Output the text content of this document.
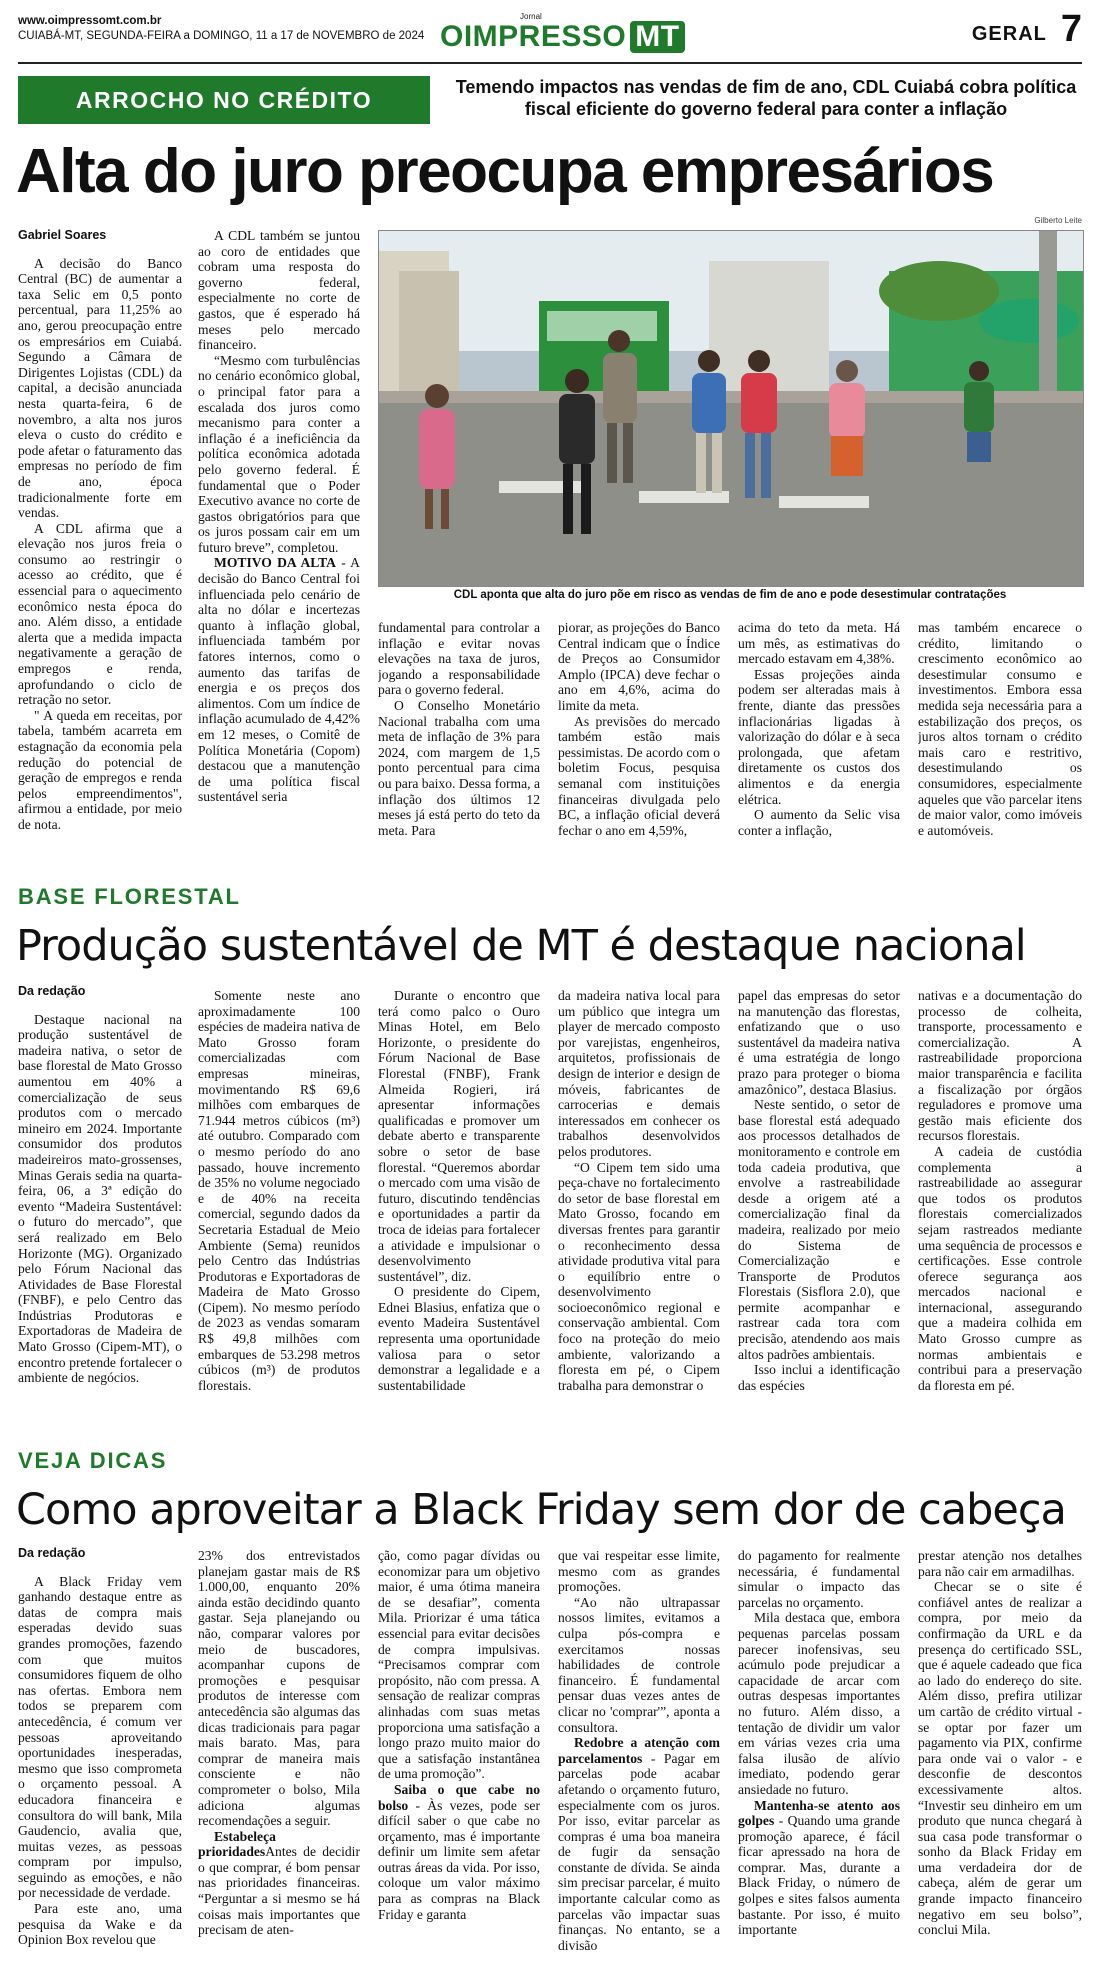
www.oimpressomt.com.br
CUIABÁ-MT, SEGUNDA-FEIRA a DOMINGO, 11 a 17 de NOVEMBRO de 2024
Jornal
OIMPRESSO MT	GERAL 7
ARROCHO NO CRÉDITO	Temendo impactos nas vendas de fim de ano, CDL Cuiabá cobra política fiscal eficiente do governo federal para conter a inflação
Alta do juro preocupa empresários
Gabriel Soares

A decisão do Banco Central (BC) de aumentar a taxa Selic em 0,5 ponto percentual, para 11,25% ao ano, gerou preocupação entre os empresários em Cuiabá. Segundo a Câmara de Dirigentes Lojistas (CDL) da capital, a decisão anunciada nesta quarta-feira, 6 de novembro, a alta nos juros eleva o custo do crédito e pode afetar o faturamento das empresas no período de fim de ano, época tradicionalmente forte em vendas.

A CDL afirma que a elevação nos juros freia o consumo ao restringir o acesso ao crédito, que é essencial para o aquecimento econômico nesta época do ano. Além disso, a entidade alerta que a medida impacta negativamente a geração de empregos e renda, aprofundando o ciclo de retração no setor.

" A queda em receitas, por tabela, também acarreta em estagnação da economia pela redução do potencial de geração de empregos e renda pelos empreendimentos", afirmou a entidade, por meio de nota.

A CDL também se juntou ao coro de entidades que cobram uma resposta do governo federal, especialmente no corte de gastos, que é esperado há meses pelo mercado financeiro.

“Mesmo com turbulências no cenário econômico global, o principal fator para a escalada dos juros como mecanismo para conter a inflação é a ineficiência da política econômica adotada pelo governo federal. É fundamental que o Poder Executivo avance no corte de gastos obrigatórios para que os juros possam cair em um futuro breve”, completou.

MOTIVO DA ALTA - A decisão do Banco Central foi influenciada pelo cenário de alta no dólar e incertezas quanto à inflação global, influenciada também por fatores internos, como o aumento das tarifas de energia e os preços dos alimentos. Com um índice de inflação acumulado de 4,42% em 12 meses, o Comitê de Política Monetária (Copom) destacou que a manutenção de uma política fiscal sustentável seria

Gilberto Leite
CDL aponta que alta do juro põe em risco as vendas de fim de ano e pode desestimular contratações

fundamental para controlar a inflação e evitar novas elevações na taxa de juros, jogando a responsabilidade para o governo federal.

O Conselho Monetário Nacional trabalha com uma meta de inflação de 3% para 2024, com margem de 1,5 ponto percentual para cima ou para baixo. Dessa forma, a inflação dos últimos 12 meses já está perto do teto da meta. Para

piorar, as projeções do Banco Central indicam que o Índice de Preços ao Consumidor Amplo (IPCA) deve fechar o ano em 4,6%, acima do limite da meta.

As previsões do mercado também estão mais pessimistas. De acordo com o boletim Focus, pesquisa semanal com instituições financeiras divulgada pelo BC, a inflação oficial deverá fechar o ano em 4,59%,

acima do teto da meta. Há um mês, as estimativas do mercado estavam em 4,38%.

Essas projeções ainda podem ser alteradas mais à frente, diante das pressões inflacionárias ligadas à valorização do dólar e à seca prolongada, que afetam diretamente os custos dos alimentos e da energia elétrica.

O aumento da Selic visa conter a inflação,

mas também encarece o crédito, limitando o crescimento econômico ao desestimular consumo e investimentos. Embora essa medida seja necessária para a estabilização dos preços, os juros altos tornam o crédito mais caro e restritivo, desestimulando os consumidores, especialmente aqueles que vão parcelar itens de maior valor, como imóveis e automóveis.

BASE FLORESTAL
Produção sustentável de MT é destaque nacional
Da redação

Destaque nacional na produção sustentável de madeira nativa, o setor de base florestal de Mato Grosso aumentou em 40% a comercialização de seus produtos com o mercado mineiro em 2024. Importante consumidor dos produtos madeireiros mato-grossenses, Minas Gerais sedia na quarta-feira, 06, a 3ª edição do evento “Madeira Sustentável: o futuro do mercado”, que será realizado em Belo Horizonte (MG). Organizado pelo Fórum Nacional das Atividades de Base Florestal (FNBF), e pelo Centro das Indústrias Produtoras e Exportadoras de Madeira de Mato Grosso (Cipem-MT), o encontro pretende fortalecer o ambiente de negócios.

Somente neste ano aproximadamente 100 espécies de madeira nativa de Mato Grosso foram comercializadas com empresas mineiras, movimentando R$ 69,6 milhões com embarques de 71.944 metros cúbicos (m³) até outubro. Comparado com o mesmo período do ano passado, houve incremento de 35% no volume negociado e de 40% na receita comercial, segundo dados da Secretaria Estadual de Meio Ambiente (Sema) reunidos pelo Centro das Indústrias Produtoras e Exportadoras de Madeira de Mato Grosso (Cipem). No mesmo período de 2023 as vendas somaram R$ 49,8 milhões com embarques de 53.298 metros cúbicos (m³) de produtos florestais.

Durante o encontro que terá como palco o Ouro Minas Hotel, em Belo Horizonte, o presidente do Fórum Nacional de Base Florestal (FNBF), Frank Almeida Rogieri, irá apresentar informações qualificadas e promover um debate aberto e transparente sobre o setor de base florestal. “Queremos abordar o mercado com uma visão de futuro, discutindo tendências e oportunidades a partir da troca de ideias para fortalecer a atividade e impulsionar o desenvolvimento sustentável”, diz.

O presidente do Cipem, Ednei Blasius, enfatiza que o evento Madeira Sustentável representa uma oportunidade valiosa para o setor demonstrar a legalidade e a sustentabilidade

da madeira nativa local para um público que integra um player de mercado composto por varejistas, engenheiros, arquitetos, profissionais de design de interior e design de móveis, fabricantes de carrocerias e demais interessados em conhecer os trabalhos desenvolvidos pelos produtores.

“O Cipem tem sido uma peça-chave no fortalecimento do setor de base florestal em Mato Grosso, focando em diversas frentes para garantir o reconhecimento dessa atividade produtiva vital para o equilíbrio entre o desenvolvimento socioeconômico regional e conservação ambiental. Com foco na proteção do meio ambiente, valorizando a floresta em pé, o Cipem trabalha para demonstrar o

papel das empresas do setor na manutenção das florestas, enfatizando que o uso sustentável da madeira nativa é uma estratégia de longo prazo para proteger o bioma amazônico”, destaca Blasius.

Neste sentido, o setor de base florestal está adequado aos processos detalhados de monitoramento e controle em toda cadeia produtiva, que envolve a rastreabilidade desde a origem até a comercialização final da madeira, realizado por meio do Sistema de Comercialização e Transporte de Produtos Florestais (Sisflora 2.0), que permite acompanhar e rastrear cada tora com precisão, atendendo aos mais altos padrões ambientais.

Isso inclui a identificação das espécies

nativas e a documentação do processo de colheita, transporte, processamento e comercialização. A rastreabilidade proporciona maior transparência e facilita a fiscalização por órgãos reguladores e promove uma gestão mais eficiente dos recursos florestais.

A cadeia de custódia complementa a rastreabilidade ao assegurar que todos os produtos florestais comercializados sejam rastreados mediante uma sequência de processos e certificações. Esse controle oferece segurança aos mercados nacional e internacional, assegurando que a madeira colhida em Mato Grosso cumpre as normas ambientais e contribui para a preservação da floresta em pé.

VEJA DICAS
Como aproveitar a Black Friday sem dor de cabeça
Da redação

A Black Friday vem ganhando destaque entre as datas de compra mais esperadas devido suas grandes promoções, fazendo com que muitos consumidores fiquem de olho nas ofertas. Embora nem todos se preparem com antecedência, é comum ver pessoas aproveitando oportunidades inesperadas, mesmo que isso comprometa o orçamento pessoal. A educadora financeira e consultora do will bank, Mila Gaudencio, avalia que, muitas vezes, as pessoas compram por impulso, seguindo as emoções, e não por necessidade de verdade.

Para este ano, uma pesquisa da Wake e da Opinion Box revelou que

23% dos entrevistados planejam gastar mais de R$ 1.000,00, enquanto 20% ainda estão decidindo quanto gastar. Seja planejando ou não, comparar valores por meio de buscadores, acompanhar cupons de promoções e pesquisar produtos de interesse com antecedência são algumas das dicas tradicionais para pagar mais barato. Mas, para comprar de maneira mais consciente e não comprometer o bolso, Mila adiciona algumas recomendações a seguir.

Estabeleça prioridadesAntes de decidir o que comprar, é bom pensar nas prioridades financeiras. “Perguntar a si mesmo se há coisas mais importantes que precisam de aten-

ção, como pagar dívidas ou economizar para um objetivo maior, é uma ótima maneira de se desafiar”, comenta Mila. Priorizar é uma tática essencial para evitar decisões de compra impulsivas. “Precisamos comprar com propósito, não com pressa. A sensação de realizar compras alinhadas com suas metas proporciona uma satisfação a longo prazo muito maior do que a satisfação instantânea de uma promoção”.

Saiba o que cabe no bolso - Às vezes, pode ser difícil saber o que cabe no orçamento, mas é importante definir um limite sem afetar outras áreas da vida. Por isso, coloque um valor máximo para as compras na Black Friday e garanta

que vai respeitar esse limite, mesmo com as grandes promoções.

“Ao não ultrapassar nossos limites, evitamos a culpa pós-compra e exercitamos nossas habilidades de controle financeiro. É fundamental pensar duas vezes antes de clicar no 'comprar'”, aponta a consultora.

Redobre a atenção com parcelamentos - Pagar em parcelas pode acabar afetando o orçamento futuro, especialmente com os juros. Por isso, evitar parcelar as compras é uma boa maneira de fugir da sensação constante de dívida. Se ainda sim precisar parcelar, é muito importante calcular como as parcelas vão impactar suas finanças. No entanto, se a divisão

do pagamento for realmente necessária, é fundamental simular o impacto das parcelas no orçamento.

Mila destaca que, embora pequenas parcelas possam parecer inofensivas, seu acúmulo pode prejudicar a capacidade de arcar com outras despesas importantes no futuro. Além disso, a tentação de dividir um valor em várias vezes cria uma falsa ilusão de alívio imediato, podendo gerar ansiedade no futuro.

Mantenha-se atento aos golpes - Quando uma grande promoção aparece, é fácil ficar apressado na hora de comprar. Mas, durante a Black Friday, o número de golpes e sites falsos aumenta bastante. Por isso, é muito importante

prestar atenção nos detalhes para não cair em armadilhas.

Checar se o site é confiável antes de realizar a compra, por meio da confirmação da URL e da presença do certificado SSL, que é aquele cadeado que fica ao lado do endereço do site. Além disso, prefira utilizar um cartão de crédito virtual - se optar por fazer um pagamento via PIX, confirme para onde vai o valor - e desconfie de descontos excessivamente altos. “Investir seu dinheiro em um produto que nunca chegará à sua casa pode transformar o sonho da Black Friday em uma verdadeira dor de cabeça, além de gerar um grande impacto financeiro negativo em seu bolso”, conclui Mila.
